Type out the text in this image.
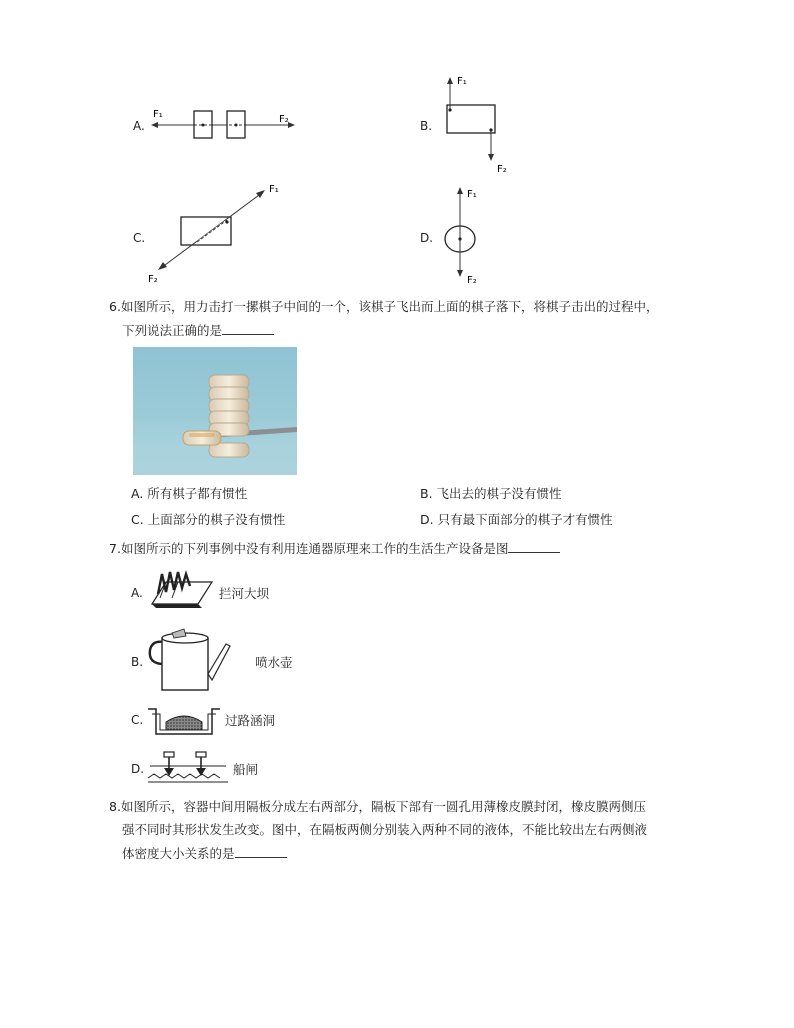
A.
F₁	F₂	B.
F₁
F₂
C.
F₁
F₂
D.
F₁
F₂
6.如图所示，用力击打一摞棋子中间的一个，该棋子飞出而上面的棋子落下，将棋子击出的过程中，
下列说法正确的是
A. 所有棋子都有惯性	B. 飞出去的棋子没有惯性
C. 上面部分的棋子没有惯性	D. 只有最下面部分的棋子才有惯性
7.如图所示的下列事例中没有利用连通器原理来工作的生活生产设备是图
A.	拦河大坝
B.	喷水壶
C.	过路涵洞
D.	船闸
8.如图所示，容器中间用隔板分成左右两部分，隔板下部有一圆孔用薄橡皮膜封闭，橡皮膜两侧压
强不同时其形状发生改变。图中，在隔板两侧分别装入两种不同的液体，不能比较出左右两侧液
体密度大小关系的是
